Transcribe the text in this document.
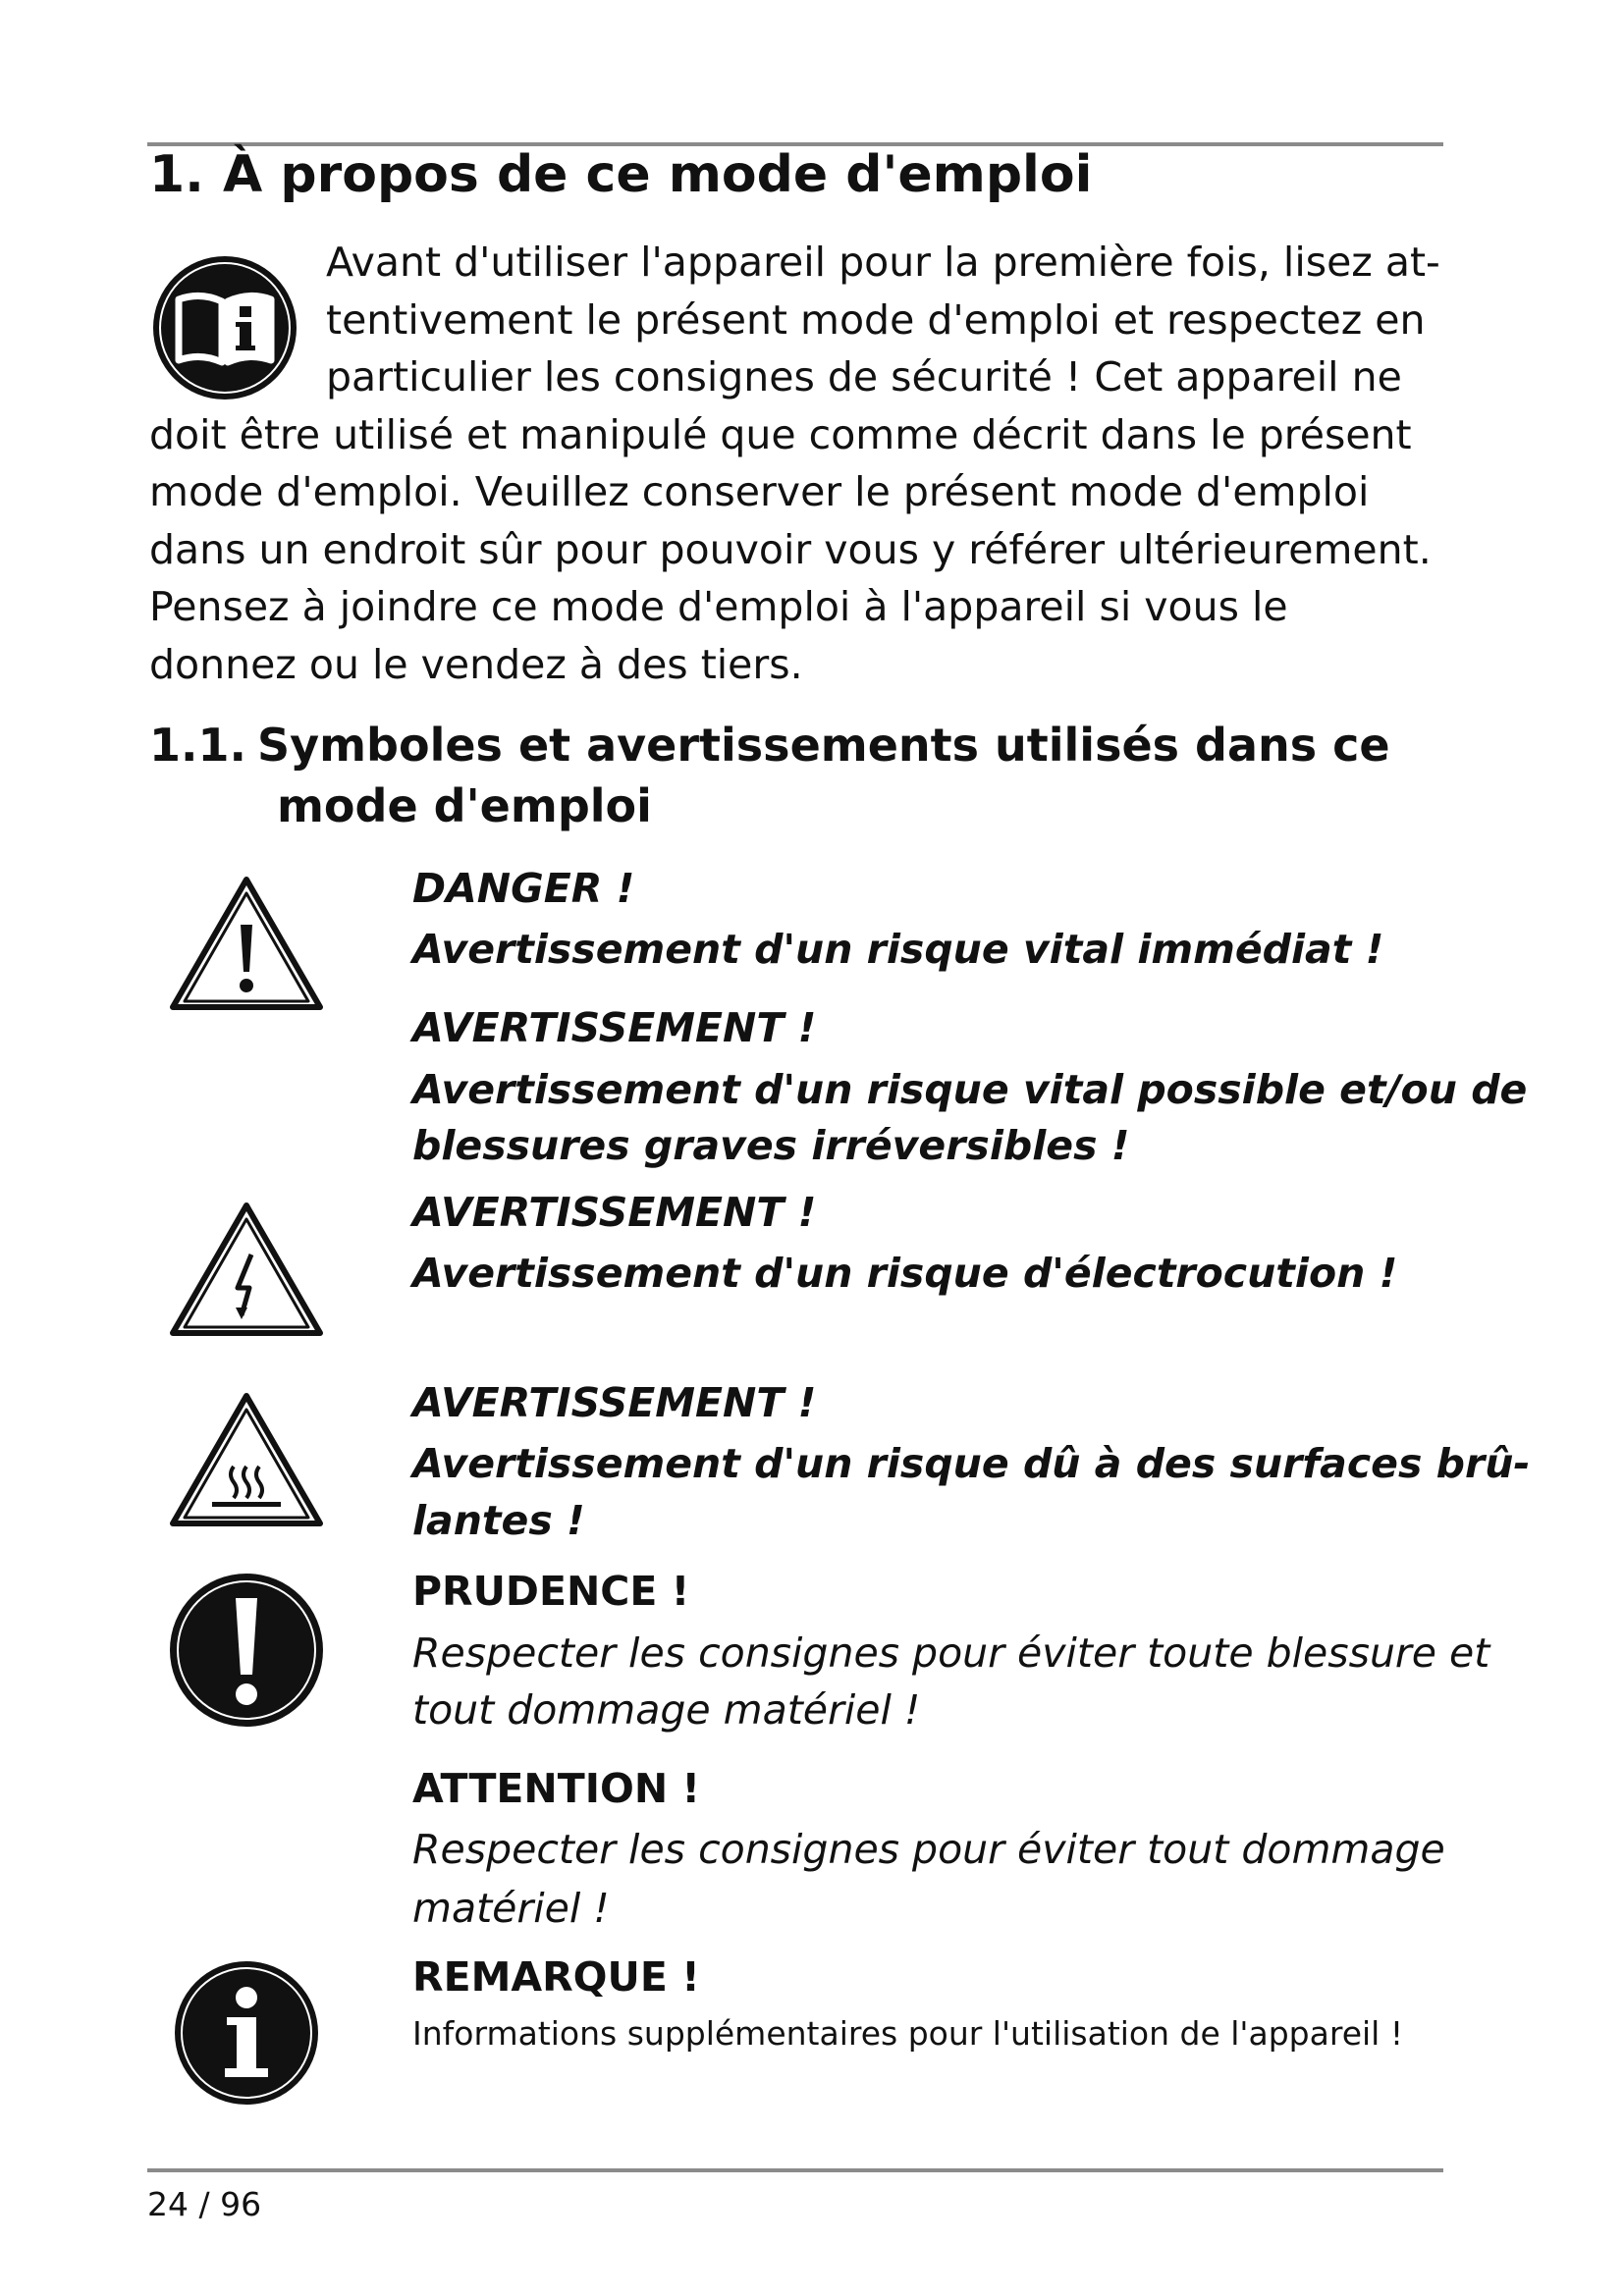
1. À propos de ce mode d'emploi

Avant d'utiliser l'appareil pour la première fois, lisez at-tentivement le présent mode d'emploi et respectez en particulier les consignes de sécurité ! Cet appareil ne doit être utilisé et manipulé que comme décrit dans le présent mode d'emploi. Veuillez conserver le présent mode d'emploi dans un endroit sûr pour pouvoir vous y référer ultérieurement. Pensez à joindre ce mode d'emploi à l'appareil si vous le donnez ou le vendez à des tiers.

1.1. Symboles et avertissements utilisés dans ce
mode d'emploi

DANGER !

Avertissement d'un risque vital immédiat !

AVERTISSEMENT !

Avertissement d'un risque vital possible et/ou de

blessures graves irréversibles !

AVERTISSEMENT !

Avertissement d'un risque d'électrocution !

AVERTISSEMENT !

Avertissement d'un risque dû à des surfaces brû-

lantes !

PRUDENCE !

Respecter les consignes pour éviter toute blessure et

tout dommage matériel !

ATTENTION !

Respecter les consignes pour éviter tout dommage

matériel !

REMARQUE !

Informations supplémentaires pour l'utilisation de l'appareil !

24 / 96
